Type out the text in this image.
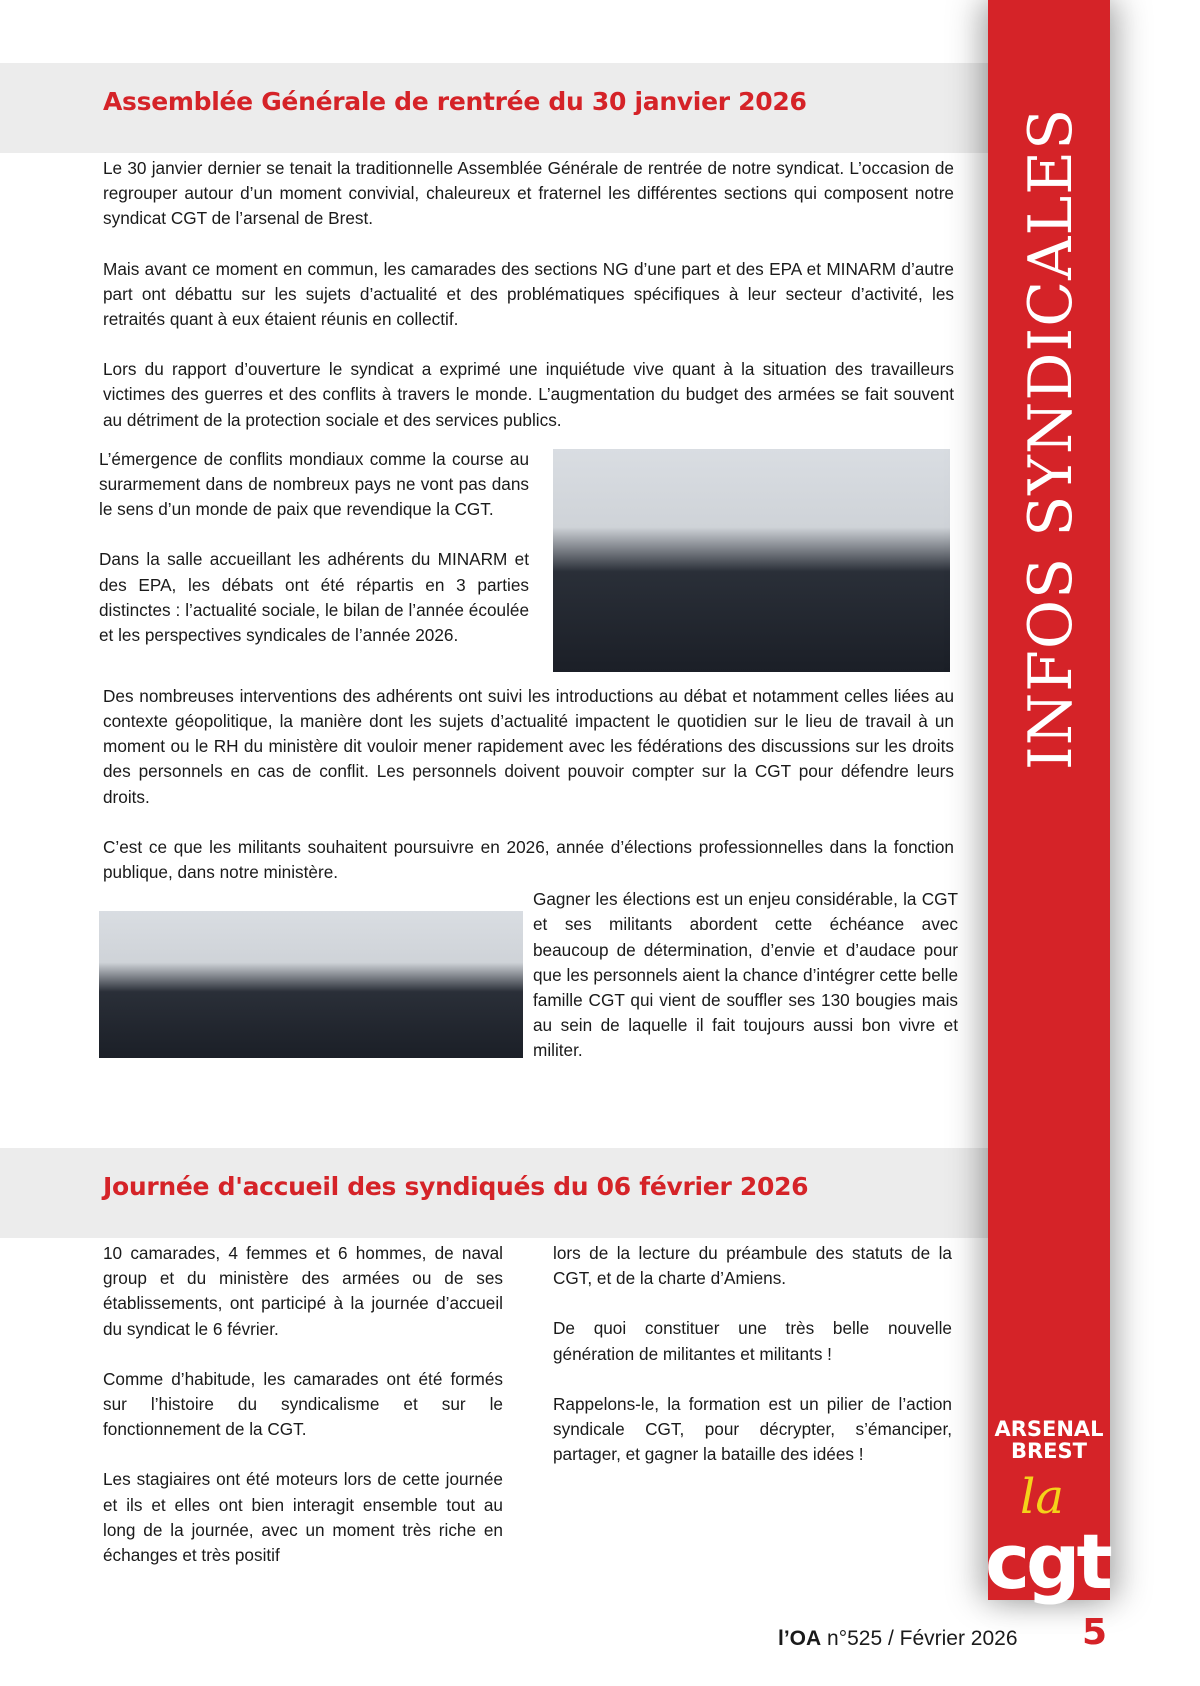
Assemblée Générale de rentrée du 30 janvier 2026

Le 30 janvier dernier se tenait la traditionnelle Assemblée Générale de rentrée de notre syndicat. L’occasion de regrouper autour d’un moment convivial, chaleureux et fraternel les différentes sections qui composent notre syndicat CGT de l’arsenal de Brest.

Mais avant ce moment en commun, les camarades des sections NG d’une part et des EPA et MINARM d’autre part ont débattu sur les sujets d’actualité et des problématiques spécifiques à leur secteur d’activité, les retraités quant à eux étaient réunis en collectif.

Lors du rapport d’ouverture le syndicat a exprimé une inquiétude vive quant à la situation des travailleurs victimes des guerres et des conflits à travers le monde. L’augmentation du budget des armées se fait souvent au détriment de la protection sociale et des services publics.

L’émergence de conflits mondiaux comme la course au surarmement dans de nombreux pays ne vont pas dans le sens d’un monde de paix que revendique la CGT.

Dans la salle accueillant les adhérents du MINARM et des EPA, les débats ont été répartis en 3 parties distinctes : l’actualité sociale, le bilan de l’année écoulée et les perspectives syndicales de l’année 2026.

Des nombreuses interventions des adhérents ont suivi les introductions au débat et notamment celles liées au contexte géopolitique, la manière dont les sujets d’actualité impactent le quotidien sur le lieu de travail à un moment ou le RH du ministère dit vouloir mener rapidement avec les fédérations des discussions sur les droits des personnels en cas de conflit. Les personnels doivent pouvoir compter sur la CGT pour défendre leurs droits.

C’est ce que les militants souhaitent poursuivre en 2026, année d’élections professionnelles dans la fonction publique, dans notre ministère.

Gagner les élections est un enjeu considérable, la CGT et ses militants abordent cette échéance avec beaucoup de détermination, d’envie et d’audace pour que les personnels aient la chance d’intégrer cette belle famille CGT qui vient de souffler ses 130 bougies mais au sein de laquelle il fait toujours aussi bon vivre et militer.

Journée d'accueil des syndiqués du 06 février 2026

10 camarades, 4 femmes et 6 hommes, de naval group et du ministère des armées ou de ses établissements, ont participé à la journée d’accueil du syndicat le 6 février.

Comme d’habitude, les camarades ont été formés sur l’histoire du syndicalisme et sur le fonctionnement de la CGT.

Les stagiaires ont été moteurs lors de cette journée et ils et elles ont bien interagit ensemble tout au long de la journée, avec un moment très riche en échanges et très positif

lors de la lecture du préambule des statuts de la CGT, et de la charte d’Amiens.

De quoi constituer une très belle nouvelle génération de militantes et militants !

Rappelons-le, la formation est un pilier de l’action syndicale CGT, pour décrypter, s’émanciper, partager, et gagner la bataille des idées !

INFOS SYNDICALES
ARSENAL
BREST
la
cgt
l’OA n°525 / Février 2026 5
